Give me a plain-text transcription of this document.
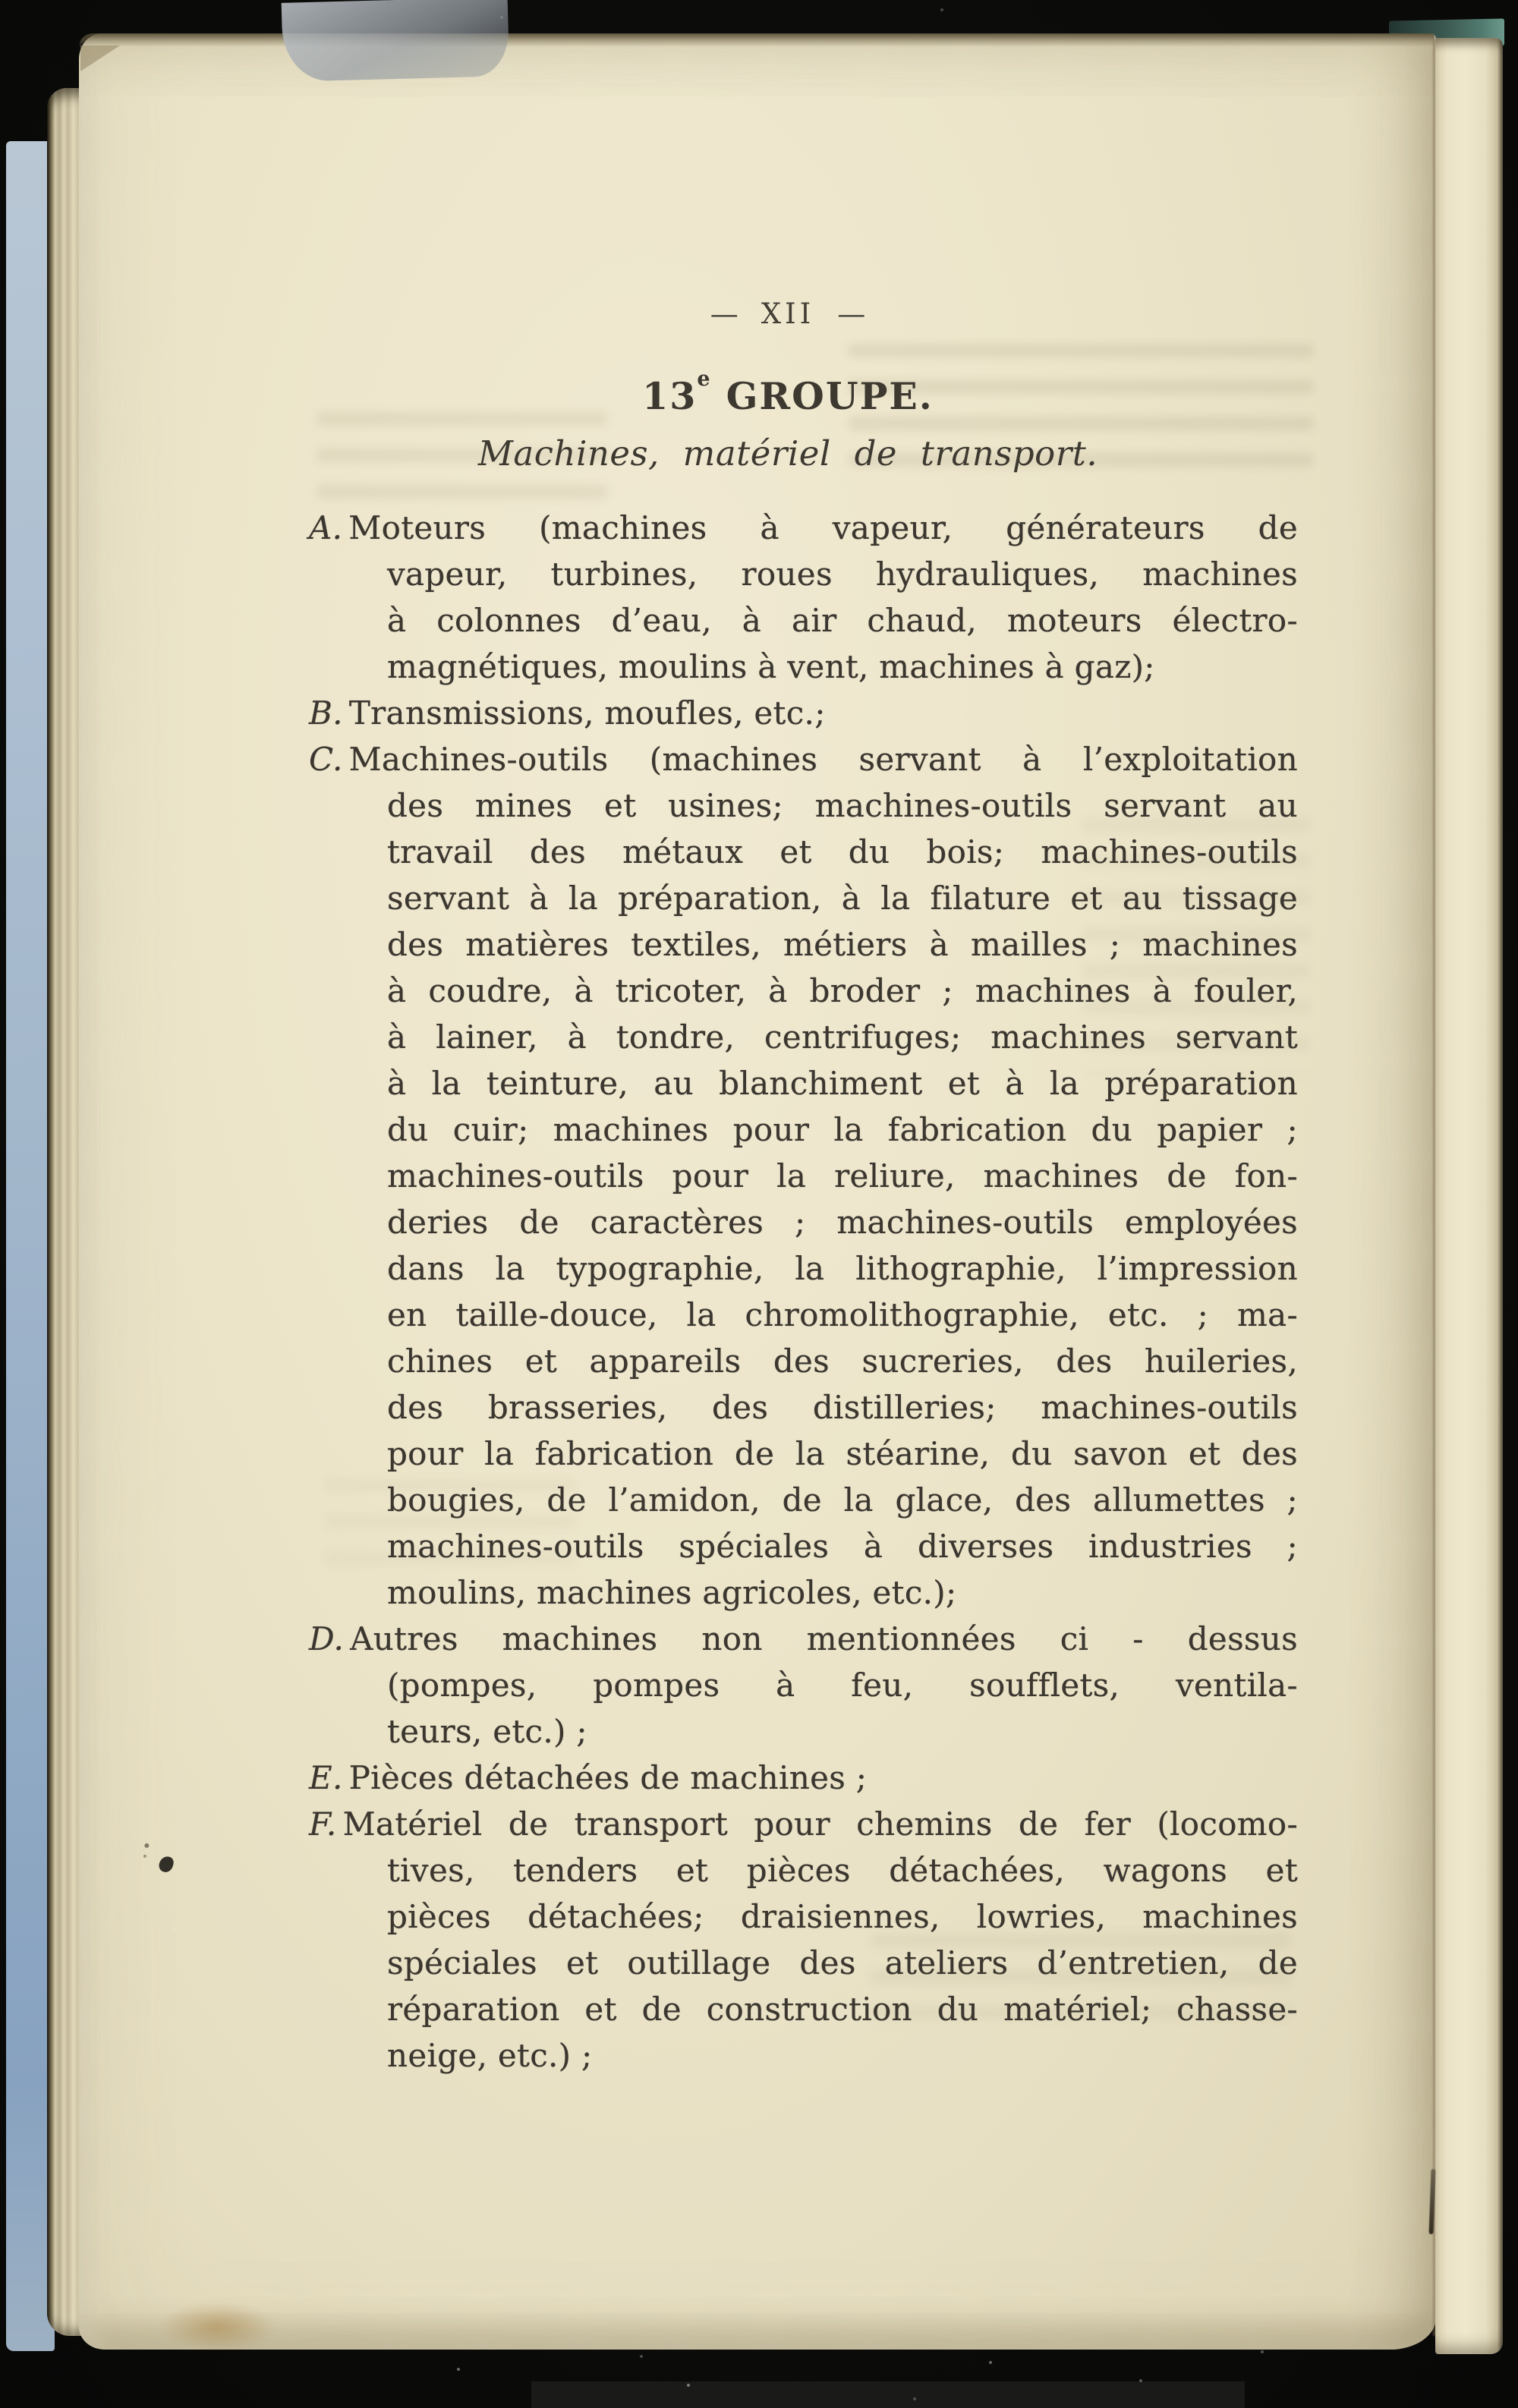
— XII —
13e GROUPE.
Machines, matériel de transport.
A. Moteurs (machines à vapeur, générateurs de
vapeur, turbines, roues hydrauliques, machines
à colonnes d’eau, à air chaud, moteurs électro-
magnétiques, moulins à vent, machines à gaz);
B. Transmissions, moufles, etc.;
C. Machines-outils (machines servant à l’exploitation
des mines et usines; machines-outils servant au
travail des métaux et du bois; machines-outils
servant à la préparation, à la filature et au tissage
des matières textiles, métiers à mailles ; machines
à coudre, à tricoter, à broder ; machines à fouler,
à lainer, à tondre, centrifuges; machines servant
à la teinture, au blanchiment et à la préparation
du cuir; machines pour la fabrication du papier ;
machines-outils pour la reliure, machines de fon-
deries de caractères ; machines-outils employées
dans la typographie, la lithographie, l’impression
en taille-douce, la chromolithographie, etc. ; ma-
chines et appareils des sucreries, des huileries,
des brasseries, des distilleries; machines-outils
pour la fabrication de la stéarine, du savon et des
bougies, de l’amidon, de la glace, des allumettes ;
machines-outils spéciales à diverses industries ;
moulins, machines agricoles, etc.);
D. Autres machines non mentionnées ci - dessus
(pompes, pompes à feu, soufflets, ventila-
teurs, etc.) ;
E. Pièces détachées de machines ;
F. Matériel de transport pour chemins de fer (locomo-
tives, tenders et pièces détachées, wagons et
pièces détachées; draisiennes, lowries, machines
spéciales et outillage des ateliers d’entretien, de
réparation et de construction du matériel; chasse-
neige, etc.) ;
